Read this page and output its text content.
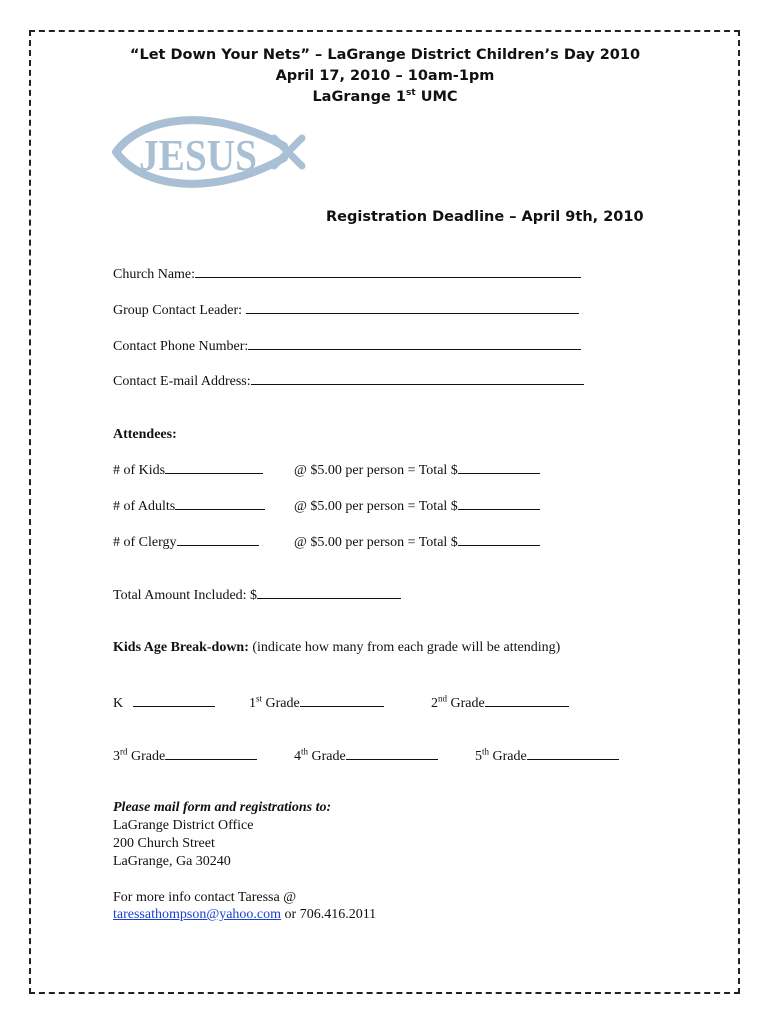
“Let Down Your Nets” – LaGrange District Children’s Day 2010
April 17, 2010 – 10am-1pm
LaGrange 1st UMC
JESUS
Registration Deadline – April 9th, 2010
Church Name:
Group Contact Leader:
Contact Phone Number:
Contact E-mail Address:
Attendees:
# of Kids	@ $5.00 per person = Total $
# of Adults	@ $5.00 per person = Total $
# of Clergy	@ $5.00 per person = Total $
Total Amount Included: $
Kids Age Break-down: (indicate how many from each grade will be attending)
K	1st Grade	2nd Grade
3rd Grade	4th Grade	5th Grade
Please mail form and registrations to:
LaGrange District Office
200 Church Street
LaGrange, Ga 30240
For more info contact Taressa @
taressathompson@yahoo.com or 706.416.2011
